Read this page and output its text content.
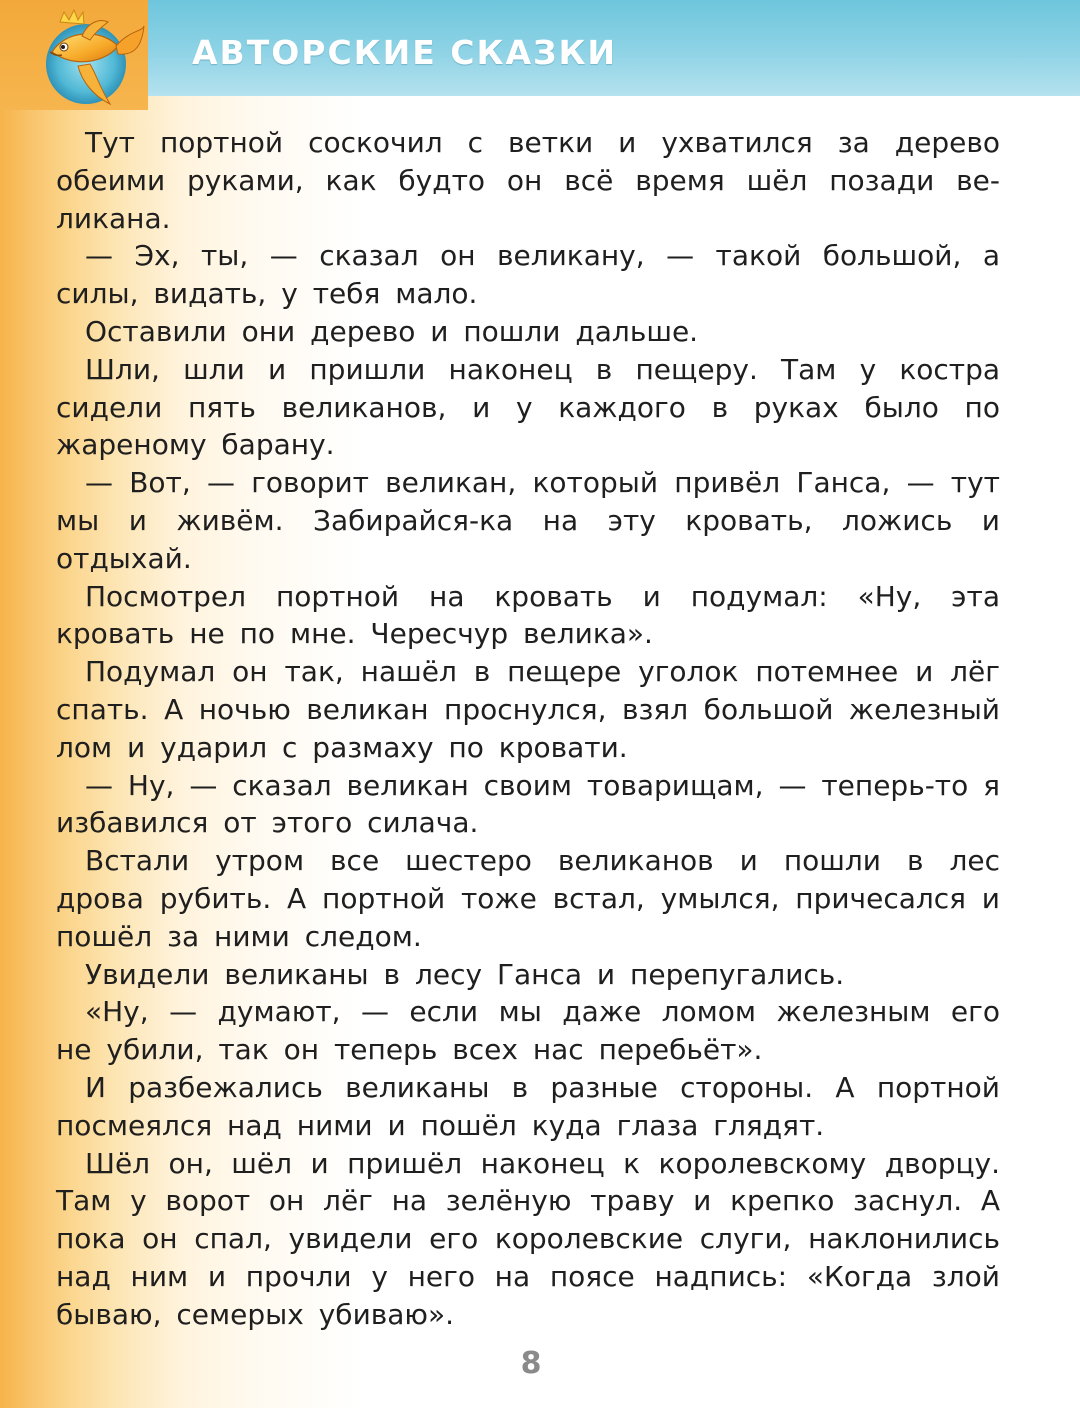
АВТОРСКИЕ СКАЗКИ

Тут портной соскочил с ветки и ухватился за дерево обеими руками, как будто он всё время шёл позади великана.

— Эх, ты, — сказал он великану, — такой большой, а силы, видать, у тебя мало.

Оставили они дерево и пошли дальше.

Шли, шли и пришли наконец в пещеру. Там у костра сидели пять великанов, и у каждого в руках было по жареному барану.

— Вот, — говорит великан, который привёл Ганса, — тут мы и живём. Забирайся-ка на эту кровать, ложись и отдыхай.

Посмотрел портной на кровать и подумал: «Ну, эта кровать не по мне. Чересчур велика».

Подумал он так, нашёл в пещере уголок потемнее и лёг спать. А ночью великан проснулся, взял большой железный лом и ударил с размаху по кровати.

— Ну, — сказал великан своим товарищам, — теперь-то я избавился от этого силача.

Встали утром все шестеро великанов и пошли в лес дрова рубить. А портной тоже встал, умылся, причесался и пошёл за ними следом.

Увидели великаны в лесу Ганса и перепугались.

«Ну, — думают, — если мы даже ломом железным его не убили, так он теперь всех нас перебьёт».

И разбежались великаны в разные стороны. А портной посмеялся над ними и пошёл куда глаза глядят.

Шёл он, шёл и пришёл наконец к королевскому дворцу. Там у ворот он лёг на зелёную траву и крепко заснул. А пока он спал, увидели его королевские слуги, наклонились над ним и прочли у него на поясе надпись: «Когда злой бываю, семерых убиваю».

8
